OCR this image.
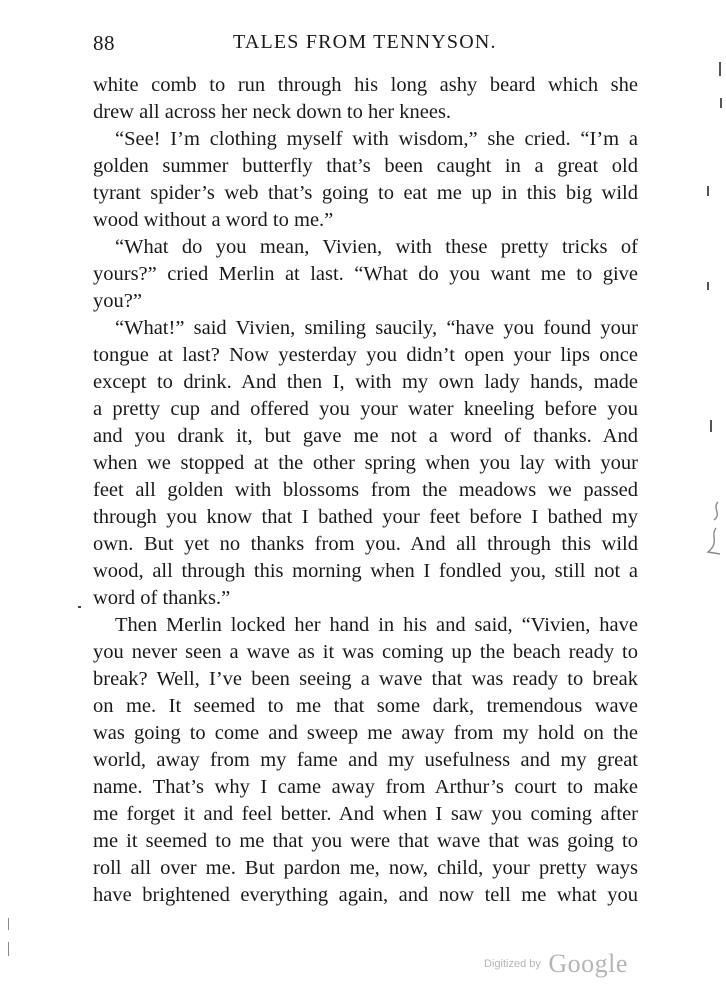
88	TALES FROM TENNYSON.
white comb to run through his long ashy beard which she
drew all across her neck down to her knees.
“See! I’m clothing myself with wisdom,” she cried. “I’m a
golden summer butterfly that’s been caught in a great old
tyrant spider’s web that’s going to eat me up in this big wild
wood without a word to me.”
“What do you mean, Vivien, with these pretty tricks of
yours?” cried Merlin at last. “What do you want me to give
you?”
“What!” said Vivien, smiling saucily, “have you found your
tongue at last? Now yesterday you didn’t open your lips once
except to drink. And then I, with my own lady hands, made
a pretty cup and offered you your water kneeling before you
and you drank it, but gave me not a word of thanks. And
when we stopped at the other spring when you lay with your
feet all golden with blossoms from the meadows we passed
through you know that I bathed your feet before I bathed my
own. But yet no thanks from you. And all through this wild
wood, all through this morning when I fondled you, still not a
word of thanks.”
Then Merlin locked her hand in his and said, “Vivien, have
you never seen a wave as it was coming up the beach ready to
break? Well, I’ve been seeing a wave that was ready to break
on me. It seemed to me that some dark, tremendous wave
was going to come and sweep me away from my hold on the
world, away from my fame and my usefulness and my great
name. That’s why I came away from Arthur’s court to make
me forget it and feel better. And when I saw you coming after
me it seemed to me that you were that wave that was going to
roll all over me. But pardon me, now, child, your pretty ways
have brightened everything again, and now tell me what you
Digitized by Google
